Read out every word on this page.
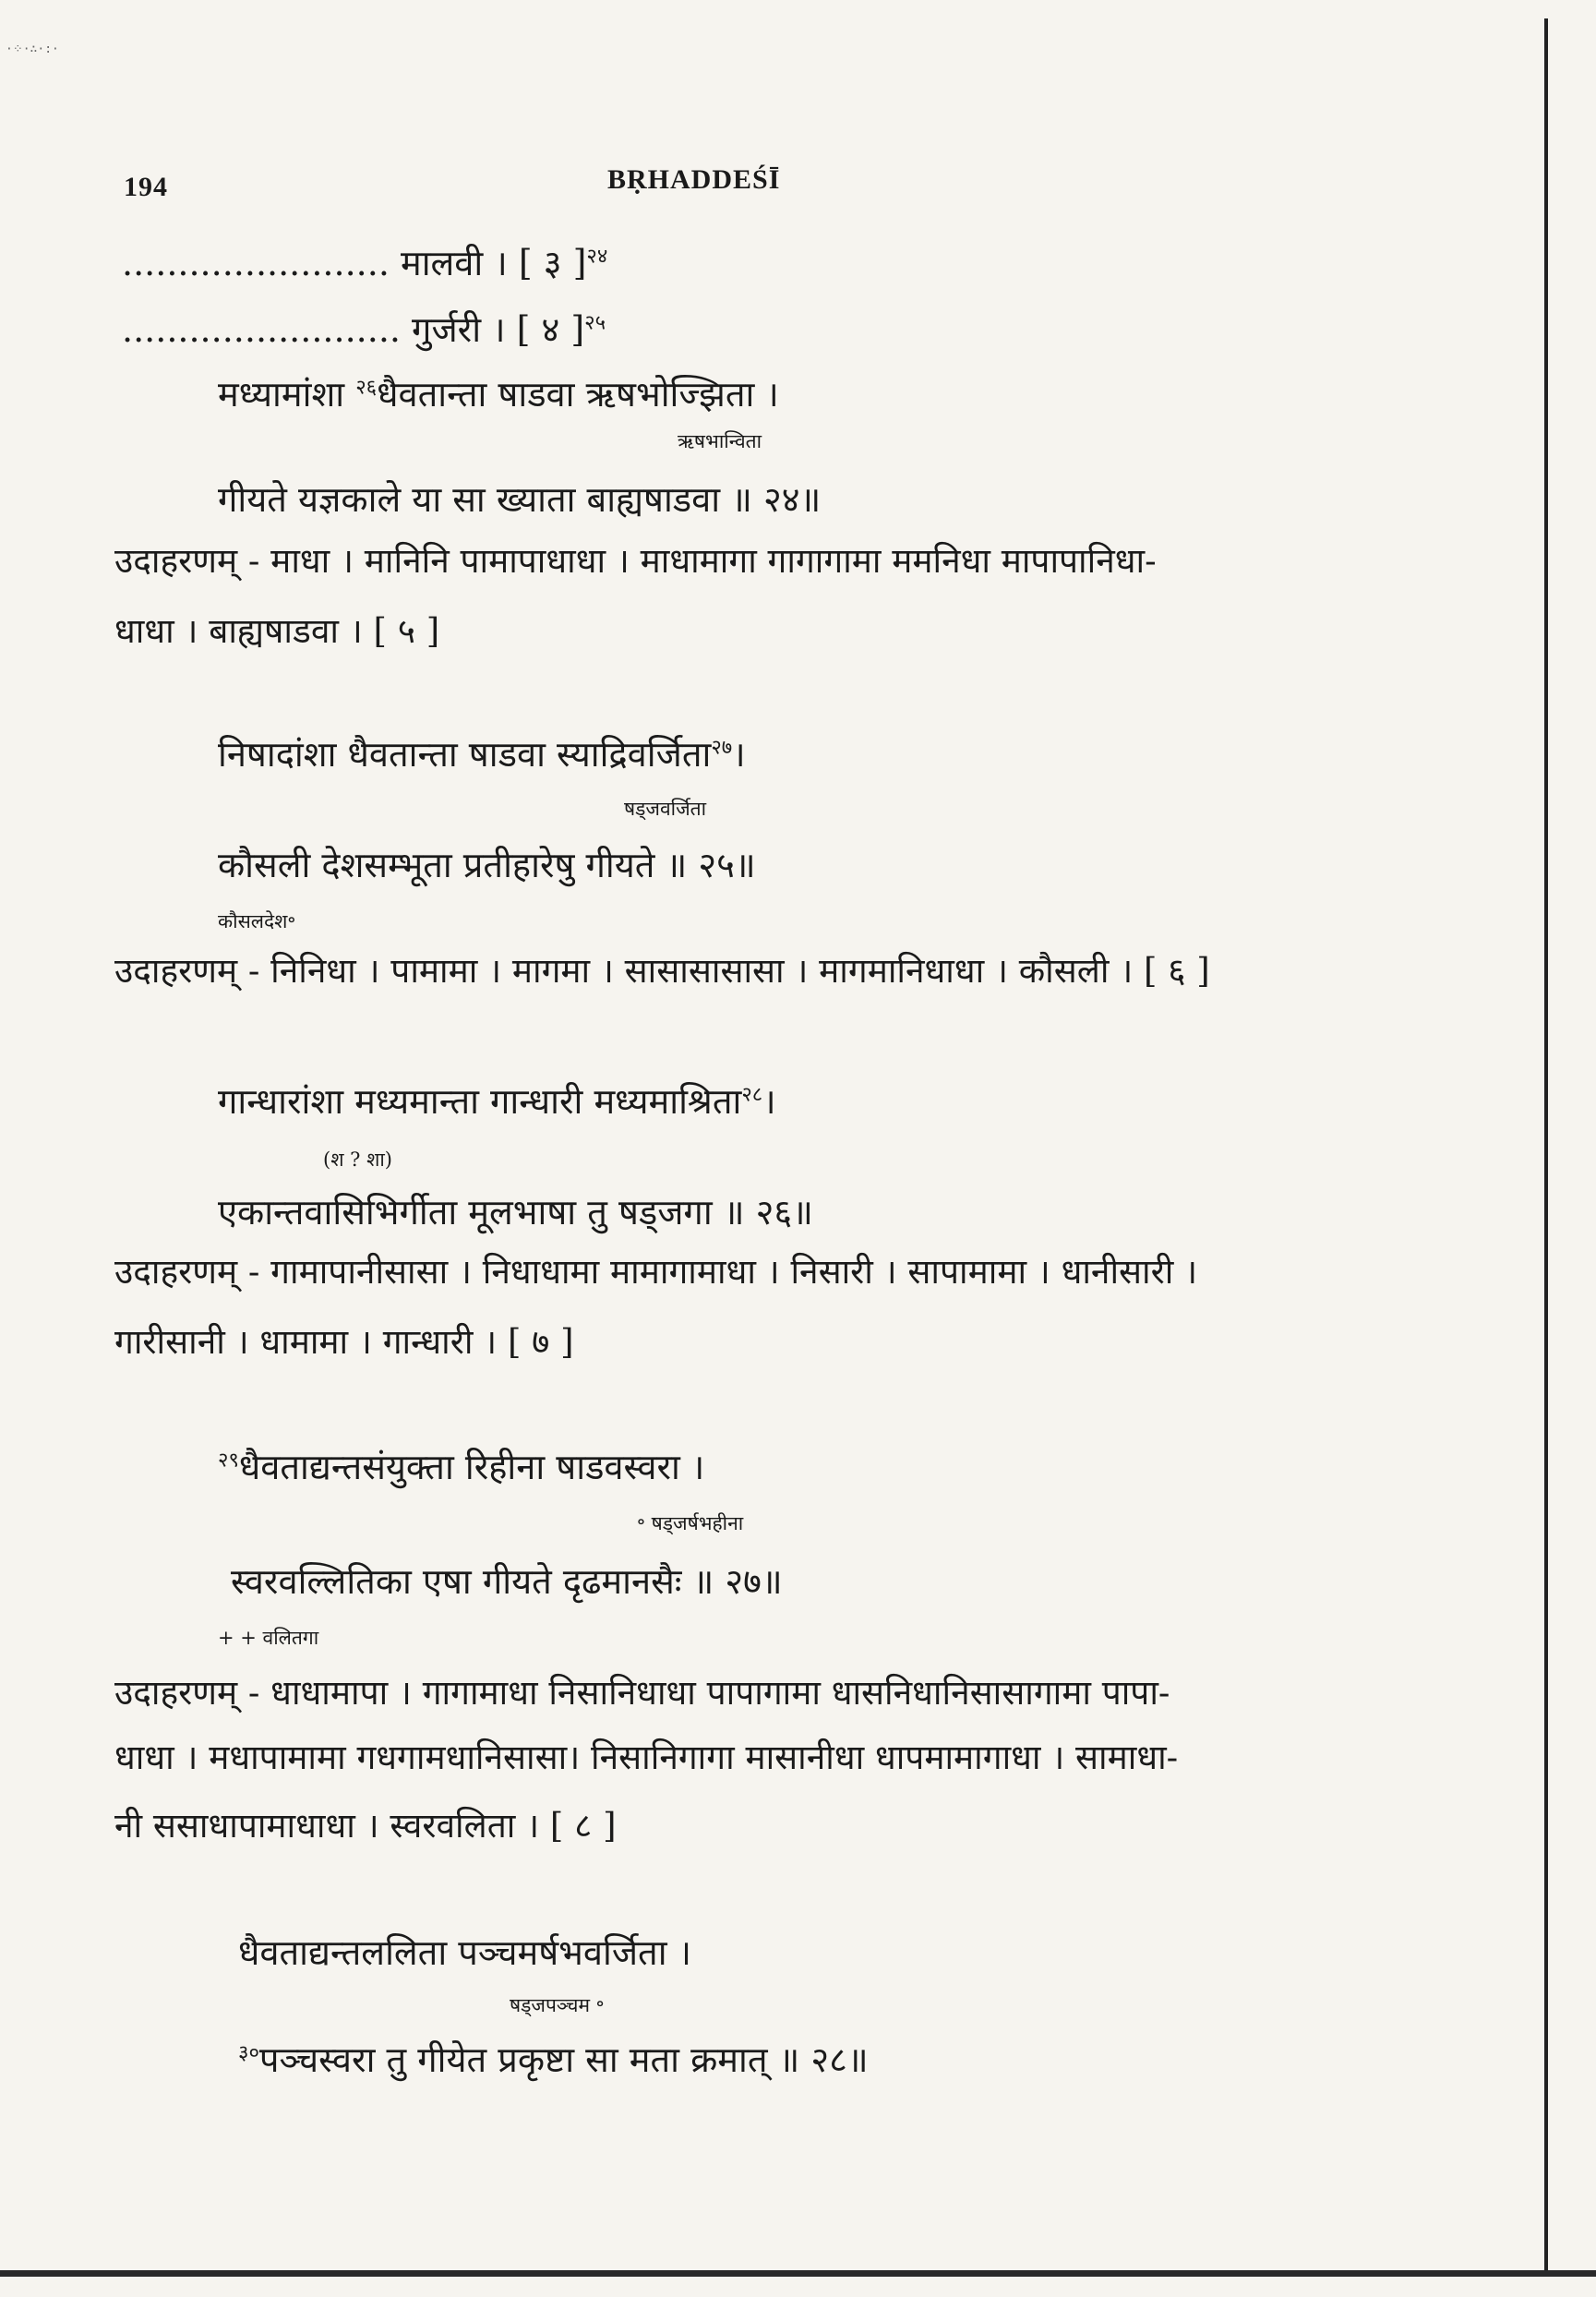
·⁘·∴·:·
194	BṚHADDEŚĪ
........................ मालवी । [ ३ ]$^{२४}$
......................... गुर्जरी । [ ४ ]$^{२५}$
मध्यामांशा $^{२६}$धैवतान्ता षाडवा ऋषभोज्झिता ।
ऋषभान्विता
गीयते यज्ञकाले या सा ख्याता बाह्यषाडवा ॥ २४॥
उदाहरणम् - माधा । मानिनि पामापाधाधा । माधामागा गागागामा ममनिधा मापापानिधा-
धाधा । बाह्यषाडवा । [ ५ ]
निषादांशा धैवतान्ता षाडवा स्याद्रिवर्जिता$^{२७}$।
षड्जवर्जिता
कौसली देशसम्भूता प्रतीहारेषु गीयते ॥ २५॥
कौसलदेश॰
उदाहरणम् - निनिधा । पामामा । मागमा । सासासासासा । मागमानिधाधा । कौसली । [ ६ ]
गान्धारांशा मध्यमान्ता गान्धारी मध्यमाश्रिता$^{२८}$।
(श ? शा)
एकान्तवासिभिर्गीता मूलभाषा तु षड्जगा ॥ २६॥
उदाहरणम् - गामापानीसासा । निधाधामा मामागामाधा । निसारी । सापामामा । धानीसारी ।
गारीसानी । धामामा । गान्धारी । [ ७ ]
$^{२९}$धैवताद्यन्तसंयुक्ता रिहीना षाडवस्वरा ।
॰ षड्जर्षभहीना
स्वरवल्लितिका एषा गीयते दृढमानसैः ॥ २७॥
+ + वलितगा
उदाहरणम् - धाधामापा । गागामाधा निसानिधाधा पापागामा धासनिधानिसासागामा पापा-
धाधा । मधापामामा गधगामधानिसासा। निसानिगागा मासानीधा धापमामागाधा । सामाधा-
नी ससाधापामाधाधा । स्वरवलिता । [ ८ ]
धैवताद्यन्तललिता पञ्चमर्षभवर्जिता ।
षड्जपञ्चम ॰
$^{३०}$पञ्चस्वरा तु गीयेत प्रकृष्टा सा मता क्रमात् ॥ २८॥
